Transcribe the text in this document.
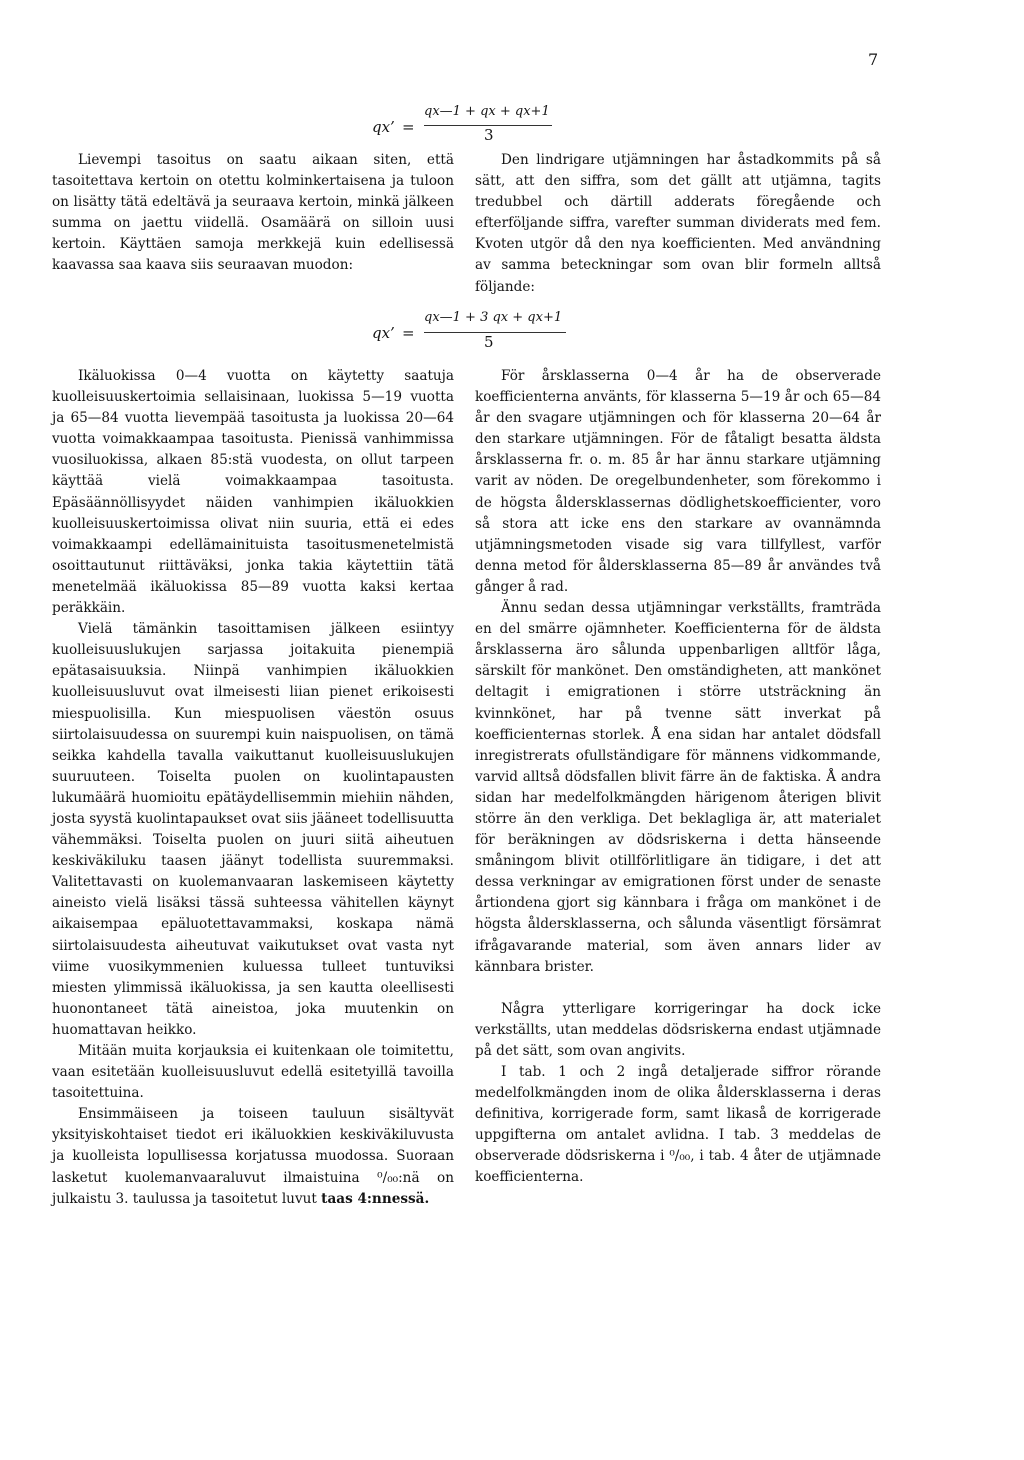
7
qx’ =
qx—1 + qx + qx+1
3
qx’ =
qx—1 + 3 qx + qx+1
5

Lievempi tasoitus on saatu aikaan siten, että tasoitettava kertoin on otettu kolminkertaisena ja tuloon on lisätty tätä edeltävä ja seuraava kertoin, minkä jälkeen summa on jaettu viidellä. Osamäärä on silloin uusi kertoin. Käyttäen samoja merkkejä kuin edellisessä kaavassa saa kaava siis seuraavan muodon:

Den lindrigare utjämningen har åstadkommits på så sätt, att den siffra, som det gällt att utjämna, tagits tredubbel och därtill adderats föregående och efterföljande siffra, varefter summan dividerats med fem. Kvoten utgör då den nya koefficienten. Med användning av samma beteckningar som ovan blir formeln alltså följande:

Ikäluokissa 0—4 vuotta on käytetty saatuja kuolleisuuskertoimia sellaisinaan, luokissa 5—19 vuotta ja 65—84 vuotta lievempää tasoitusta ja luokissa 20—64 vuotta voimakkaampaa tasoitusta. Pienissä vanhimmissa vuosiluokissa, alkaen 85:stä vuodesta, on ollut tarpeen käyttää vielä voimakkaampaa tasoitusta. Epäsäännöllisyydet näiden vanhimpien ikäluokkien kuolleisuuskertoimissa olivat niin suuria, että ei edes voimakkaampi edellämainituista tasoitusmenetelmistä osoittautunut riittäväksi, jonka takia käytettiin tätä menetelmää ikäluokissa 85—89 vuotta kaksi kertaa peräkkäin.

Vielä tämänkin tasoittamisen jälkeen esiintyy kuolleisuuslukujen sarjassa joitakuita pienempiä epätasaisuuksia. Niinpä vanhimpien ikäluokkien kuolleisuusluvut ovat ilmeisesti liian pienet erikoisesti miespuolisilla. Kun miespuolisen väestön osuus siirtolaisuudessa on suurempi kuin naispuolisen, on tämä seikka kahdella tavalla vaikuttanut kuolleisuuslukujen suuruuteen. Toiselta puolen on kuolintapausten lukumäärä huomioitu epätäydellisemmin miehiin nähden, josta syystä kuolintapaukset ovat siis jääneet todellisuutta vähemmäksi. Toiselta puolen on juuri siitä aiheutuen keskiväkiluku taasen jäänyt todellista suuremmaksi. Valitettavasti on kuolemanvaaran laskemiseen käytetty aineisto vielä lisäksi tässä suhteessa vähitellen käynyt aikaisempaa epäluotettavammaksi, koskapa nämä siirtolaisuudesta aiheutuvat vaikutukset ovat vasta nyt viime vuosikymmenien kuluessa tulleet tuntuviksi miesten ylimmissä ikäluokissa, ja sen kautta oleellisesti huonontaneet tätä aineistoa, joka muutenkin on huomattavan heikko.

Mitään muita korjauksia ei kuitenkaan ole toimitettu, vaan esitetään kuolleisuusluvut edellä esitetyillä tavoilla tasoitettuina.

Ensimmäiseen ja toiseen tauluun sisältyvät yksityiskohtaiset tiedot eri ikäluokkien keskiväkiluvusta ja kuolleista lopullisessa korjatussa muodossa. Suoraan lasketut kuolemanvaaraluvut ilmaistuina ⁰/₀₀:nä on julkaistu 3. taulussa ja tasoitetut luvut taas 4:nnessä.

För årsklasserna 0—4 år ha de observerade koefficienterna använts, för klasserna 5—19 år och 65—84 år den svagare utjämningen och för klasserna 20—64 år den starkare utjämningen. För de fåtaligt besatta äldsta årsklasserna fr. o. m. 85 år har ännu starkare utjämning varit av nöden. De oregelbundenheter, som förekommo i de högsta åldersklassernas dödlighetskoefficienter, voro så stora att icke ens den starkare av ovannämnda utjämningsmetoden visade sig vara tillfyllest, varför denna metod för åldersklasserna 85—89 år användes två gånger å rad.

Ännu sedan dessa utjämningar verkställts, framträda en del smärre ojämnheter. Koefficienterna för de äldsta årsklasserna äro sålunda uppenbarligen alltför låga, särskilt för mankönet. Den omständigheten, att mankönet deltagit i emigrationen i större utsträckning än kvinnkönet, har på tvenne sätt inverkat på koefficienternas storlek. Å ena sidan har antalet dödsfall inregistrerats ofullständigare för männens vidkommande, varvid alltså dödsfallen blivit färre än de faktiska. Å andra sidan har medelfolkmängden härigenom återigen blivit större än den verkliga. Det beklagliga är, att materialet för beräkningen av dödsriskerna i detta hänseende småningom blivit otillförlitligare än tidigare, i det att dessa verkningar av emigrationen först under de senaste årtiondena gjort sig kännbara i fråga om mankönet i de högsta åldersklasserna, och sålunda väsentligt försämrat ifrågavarande material, som även annars lider av kännbara brister.

Några ytterligare korrigeringar ha dock icke verkställts, utan meddelas dödsriskerna endast utjämnade på det sätt, som ovan angivits.

I tab. 1 och 2 ingå detaljerade siffror rörande medelfolkmängden inom de olika åldersklasserna i deras definitiva, korrigerade form, samt likaså de korrigerade uppgifterna om antalet avlidna. I tab. 3 meddelas de observerade dödsriskerna i ⁰/₀₀, i tab. 4 åter de utjämnade koefficienterna.
